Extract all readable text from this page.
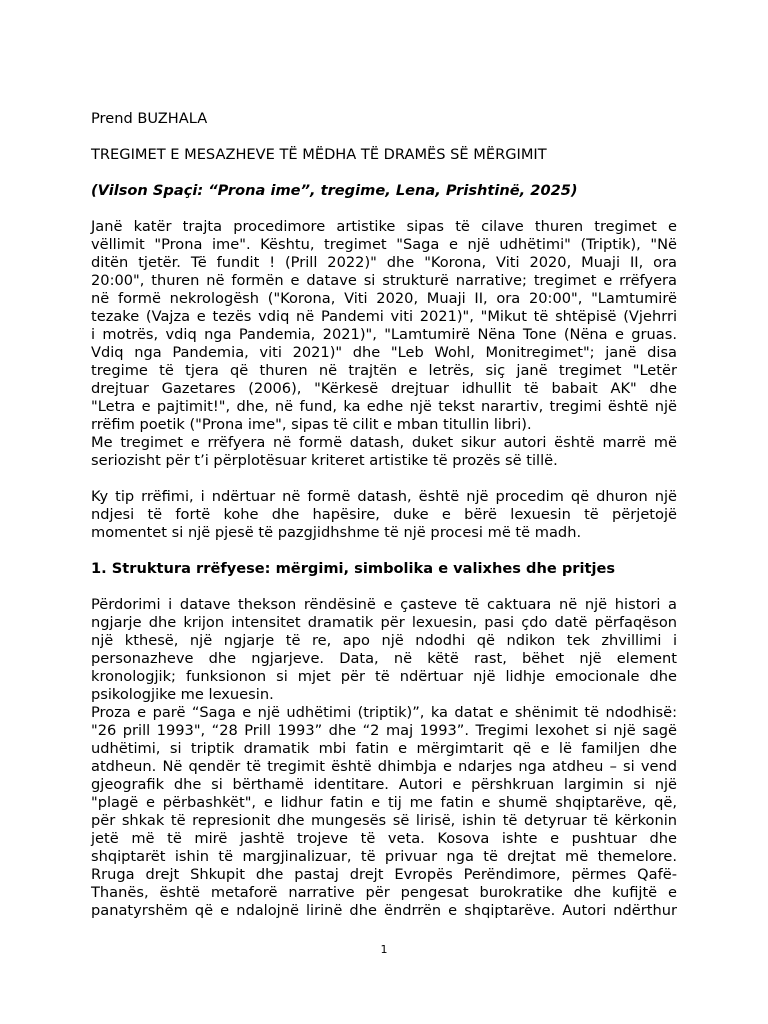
Prend BUZHALA
TREGIMET E MESAZHEVE TË MËDHA TË DRAMËS SË MËRGIMIT
(Vilson Spaçi: “Prona ime”, tregime, Lena, Prishtinë, 2025)
Janë katër trajta procedimore artistike sipas të cilave thuren tregimet e
vëllimit "Prona ime". Kështu, tregimet "Saga e një udhëtimi" (Triptik), "Në
ditën tjetër. Të fundit ! (Prill 2022)" dhe "Korona, Viti 2020, Muaji II, ora
20:00", thuren në formën e datave si strukturë narrative; tregimet e rrëfyera
në formë nekrologësh ("Korona, Viti 2020, Muaji II, ora 20:00", "Lamtumirë
tezake (Vajza e tezës vdiq në Pandemi viti 2021)", "Mikut të shtëpisë (Vjehrri
i motrës, vdiq nga Pandemia, 2021)", "Lamtumirë Nëna Tone (Nëna e gruas.
Vdiq nga Pandemia, viti 2021)" dhe "Leb Wohl, Monitregimet"; janë disa
tregime të tjera që thuren në trajtën e letrës, siç janë tregimet "Letër
drejtuar Gazetares (2006), "Kërkesë drejtuar idhullit të babait AK" dhe
"Letra e pajtimit!", dhe, në fund, ka edhe një tekst narartiv, tregimi është një
rrëfim poetik ("Prona ime", sipas të cilit e mban titullin libri).
Me tregimet e rrëfyera në formë datash, duket sikur autori është marrë më
seriozisht për t’i përplotësuar kriteret artistike të prozës së tillë.
Ky tip rrëfimi, i ndërtuar në formë datash, është një procedim që dhuron një
ndjesi të fortë kohe dhe hapësire, duke e bërë lexuesin të përjetojë
momentet si një pjesë të pazgjidhshme të një procesi më të madh.
1. Struktura rrëfyese: mërgimi, simbolika e valixhes dhe pritjes
Përdorimi i datave thekson rëndësinë e çasteve të caktuara në një histori a
ngjarje dhe krijon intensitet dramatik për lexuesin, pasi çdo datë përfaqëson
një kthesë, një ngjarje të re, apo një ndodhi që ndikon tek zhvillimi i
personazheve dhe ngjarjeve. Data, në këtë rast, bëhet një element
kronologjik; funksionon si mjet për të ndërtuar një lidhje emocionale dhe
psikologjike me lexuesin.
Proza e parë “Saga e një udhëtimi (triptik)”, ka datat e shënimit të ndodhisë:
"26 prill 1993", “28 Prill 1993” dhe “2 maj 1993”. Tregimi lexohet si një sagë
udhëtimi, si triptik dramatik mbi fatin e mërgimtarit që e lë familjen dhe
atdheun. Në qendër të tregimit është dhimbja e ndarjes nga atdheu – si vend
gjeografik dhe si bërthamë identitare. Autori e përshkruan largimin si një
"plagë e përbashkët", e lidhur fatin e tij me fatin e shumë shqiptarëve, që,
për shkak të represionit dhe mungesës së lirisë, ishin të detyruar të kërkonin
jetë më të mirë jashtë trojeve të veta. Kosova ishte e pushtuar dhe
shqiptarët ishin të margjinalizuar, të privuar nga të drejtat më themelore.
Rruga drejt Shkupit dhe pastaj drejt Evropës Perëndimore, përmes Qafë-
Thanës, është metaforë narrative për pengesat burokratike dhe kufijtë e
panatyrshëm që e ndalojnë lirinë dhe ëndrrën e shqiptarëve. Autori ndërthur
1
